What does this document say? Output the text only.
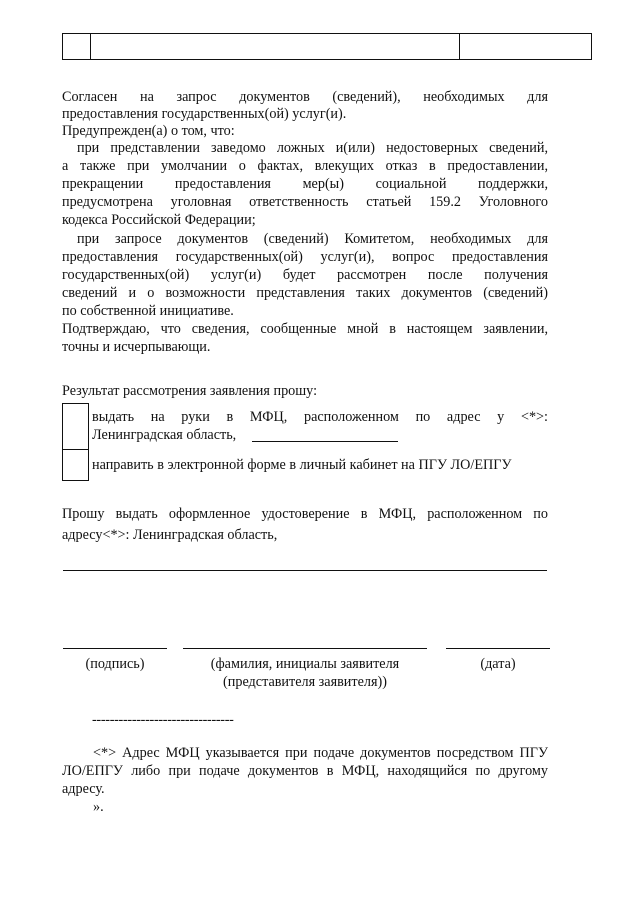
Согласен на запрос документов (сведений), необходимых для
предоставления государственных(ой) услуг(и).
Предупрежден(а) о том, что:
при представлении заведомо ложных и(или) недостоверных сведений,
а также при умолчании о фактах, влекущих отказ в предоставлении,
прекращении предоставления мер(ы) социальной поддержки,
предусмотрена уголовная ответственность статьей 159.2 Уголовного
кодекса Российской Федерации;
при запросе документов (сведений) Комитетом, необходимых для
предоставления государственных(ой) услуг(и), вопрос предоставления
государственных(ой) услуг(и) будет рассмотрен после получения
сведений и о возможности представления таких документов (сведений)
по собственной инициативе.
Подтверждаю, что сведения, сообщенные мной в настоящем заявлении,
точны и исчерпывающи.
Результат рассмотрения заявления прошу:
выдать на руки в МФЦ, расположенном по адрес у <*>:
Ленинградская область,
направить в электронной форме в личный кабинет на ПГУ ЛО/ЕПГУ
Прошу выдать оформленное удостоверение в МФЦ, расположенном по
адресу<*>: Ленинградская область,
(подпись)	(фамилия, инициалы заявителя
(представителя заявителя))
(дата)
--------------------------------
<*> Адрес МФЦ указывается при подаче документов посредством ПГУ
ЛО/ЕПГУ либо при подаче документов в МФЦ, находящийся по другому
адресу.
».
